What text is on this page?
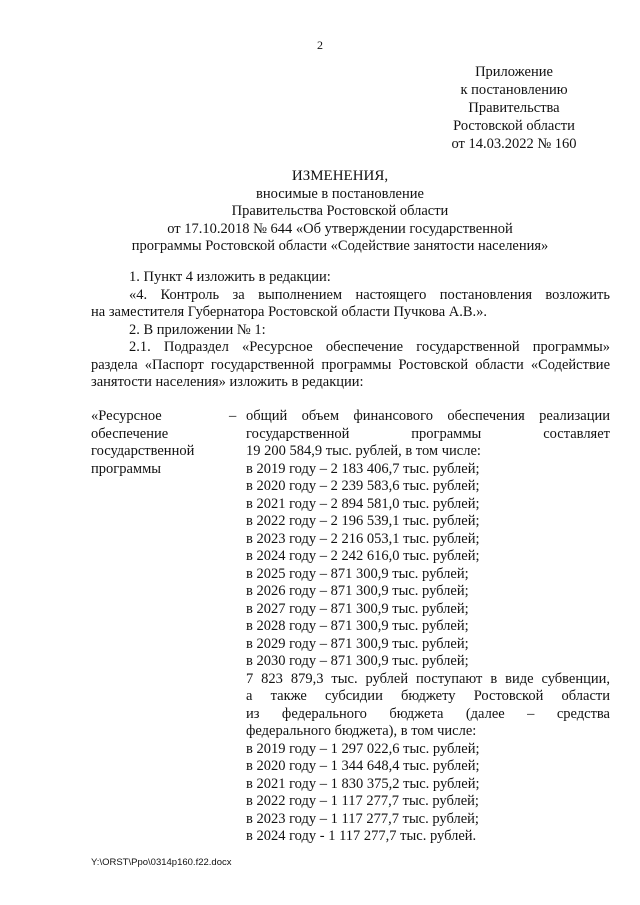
2
Приложение
к постановлению
Правительства
Ростовской области
от 14.03.2022 № 160
ИЗМЕНЕНИЯ,
вносимые в постановление
Правительства Ростовской области
от 17.10.2018 № 644 «Об утверждении государственной
программы Ростовской области «Содействие занятости населения»

1. Пункт 4 изложить в редакции:

«4. Контроль за выполнением настоящего постановления возложить

на заместителя Губернатора Ростовской области Пучкова А.В.».

2. В приложении № 1:

2.1. Подраздел «Ресурсное обеспечение государственной программы»

раздела «Паспорт государственной программы Ростовской области «Содействие

занятости населения» изложить в редакции:

«Ресурсное
обеспечение
государственной
программы
– общий объем финансового обеспечения реализации

государственной программы составляет

19 200 584,9 тыс. рублей, в том числе:

в 2019 году – 2 183 406,7 тыс. рублей;

в 2020 году – 2 239 583,6 тыс. рублей;

в 2021 году – 2 894 581,0 тыс. рублей;

в 2022 году – 2 196 539,1 тыс. рублей;

в 2023 году – 2 216 053,1 тыс. рублей;

в 2024 году – 2 242 616,0 тыс. рублей;

в 2025 году – 871 300,9 тыс. рублей;

в 2026 году – 871 300,9 тыс. рублей;

в 2027 году – 871 300,9 тыс. рублей;

в 2028 году – 871 300,9 тыс. рублей;

в 2029 году – 871 300,9 тыс. рублей;

в 2030 году – 871 300,9 тыс. рублей;

7 823 879,3 тыс. рублей поступают в виде субвенции,

а также субсидии бюджету Ростовской области

из федерального бюджета (далее – средства

федерального бюджета), в том числе:

в 2019 году – 1 297 022,6 тыс. рублей;

в 2020 году – 1 344 648,4 тыс. рублей;

в 2021 году – 1 830 375,2 тыс. рублей;

в 2022 году – 1 117 277,7 тыс. рублей;

в 2023 году – 1 117 277,7 тыс. рублей;

в 2024 году - 1 117 277,7 тыс. рублей.

Y:\ORST\Ppo\0314p160.f22.docx
